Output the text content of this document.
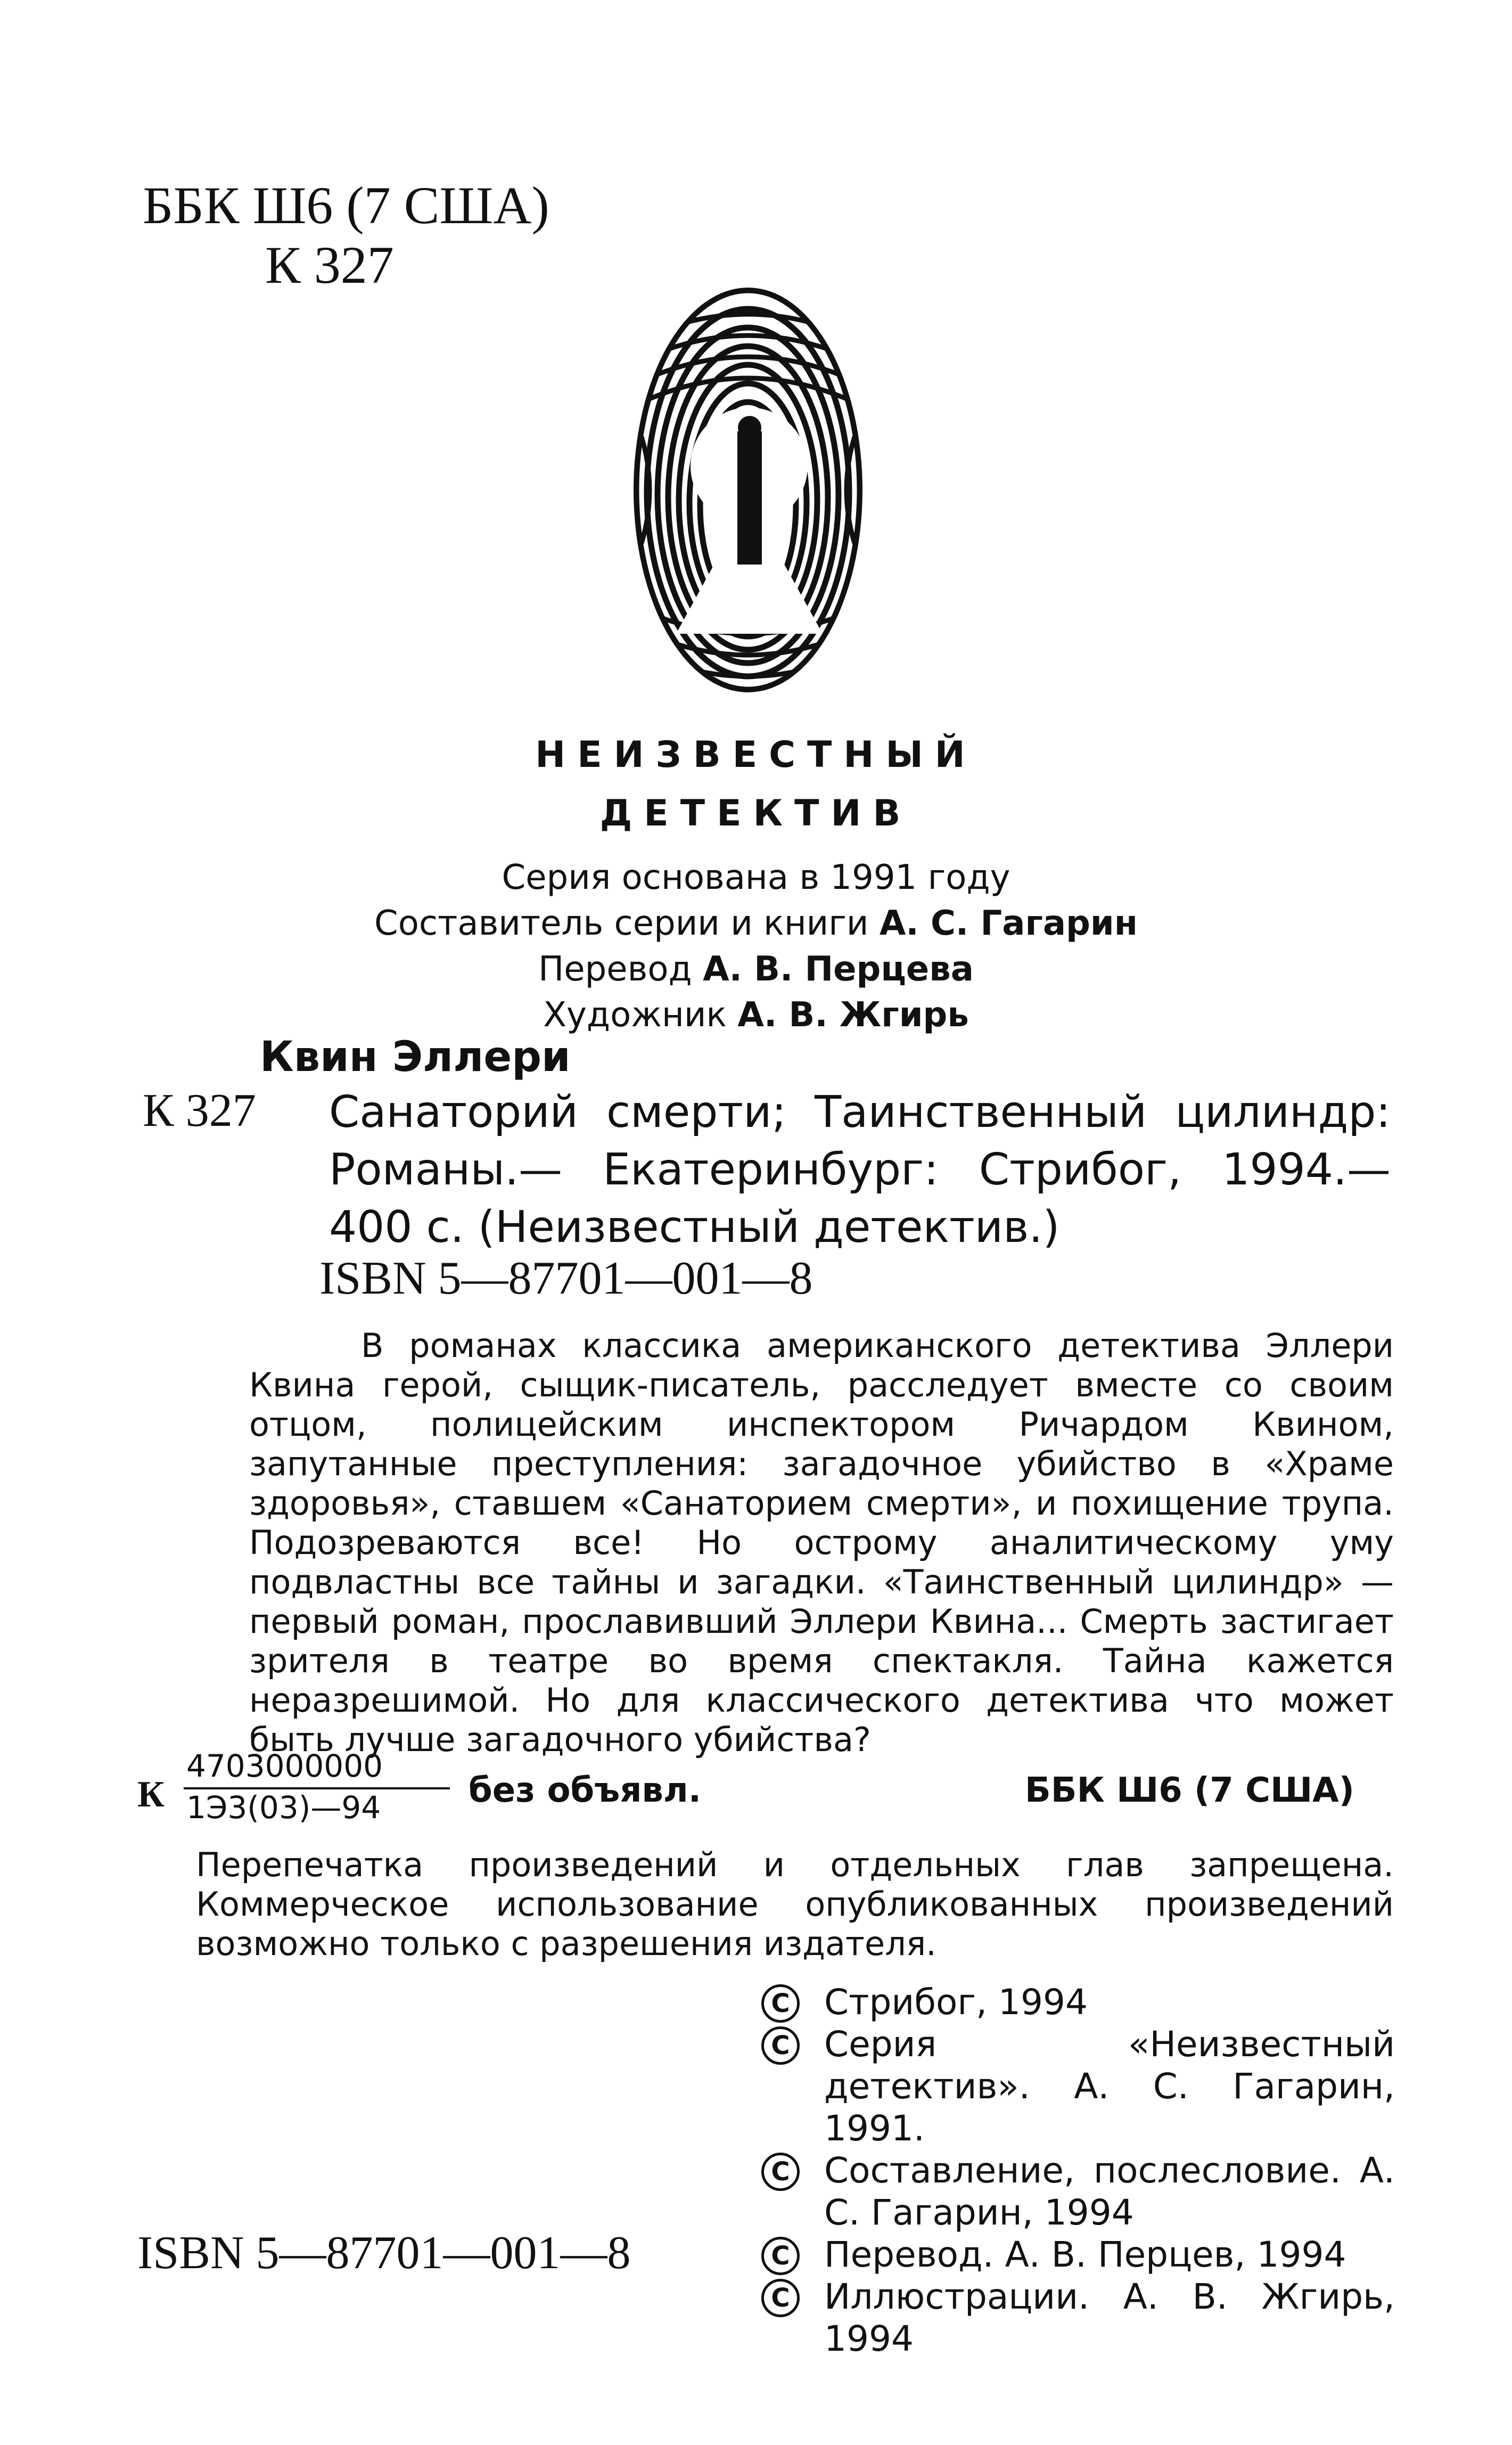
ББК Ш6 (7 США)
К 327
НЕИЗВЕСТНЫЙ
ДЕТЕКТИВ
Серия основана в 1991 году
Составитель серии и книги А. С. Гагарин
Перевод А. В. Перцева
Художник А. В. Жгирь
Квин Эллери
К 327 Санаторий смерти; Таинственный цилиндр: Романы.— Екатеринбург: Стрибог, 1994.— 400 с. (Неизвестный детектив.)

ISBN 5—87701—001—8

В романах классика американского детектива Эллери Квина герой, сыщик-писатель, расследует вместе со своим отцом, полицейским инспектором Ричардом Квином, запутанные преступления: загадочное убийство в «Храме здоровья», ставшем «Санаторием смерти», и похищение трупа. Подозреваются все! Но острому аналитическому уму подвластны все тайны и загадки. «Таинственный цилиндр» — первый роман, прославивший Эллери Квина... Смерть застигает зрителя в театре во время спектакля. Тайна кажется неразрешимой. Но для классического детектива что может быть лучше загадочного убийства?

К
4703000000
1Э3(03)—94	без объявл.	ББК Ш6 (7 США)

Перепечатка произведений и отдельных глав запрещена. Коммерческое использование опубликованных произведений возможно только с разрешения издателя.

С Стрибог, 1994
С Серия «Неизвестный детектив». А. С. Гагарин, 1991.
С Составление, послесловие. А. С. Гагарин, 1994
С Перевод. А. В. Перцев, 1994
С Иллюстрации. А. В. Жгирь, 1994
ISBN 5—87701—001—8
